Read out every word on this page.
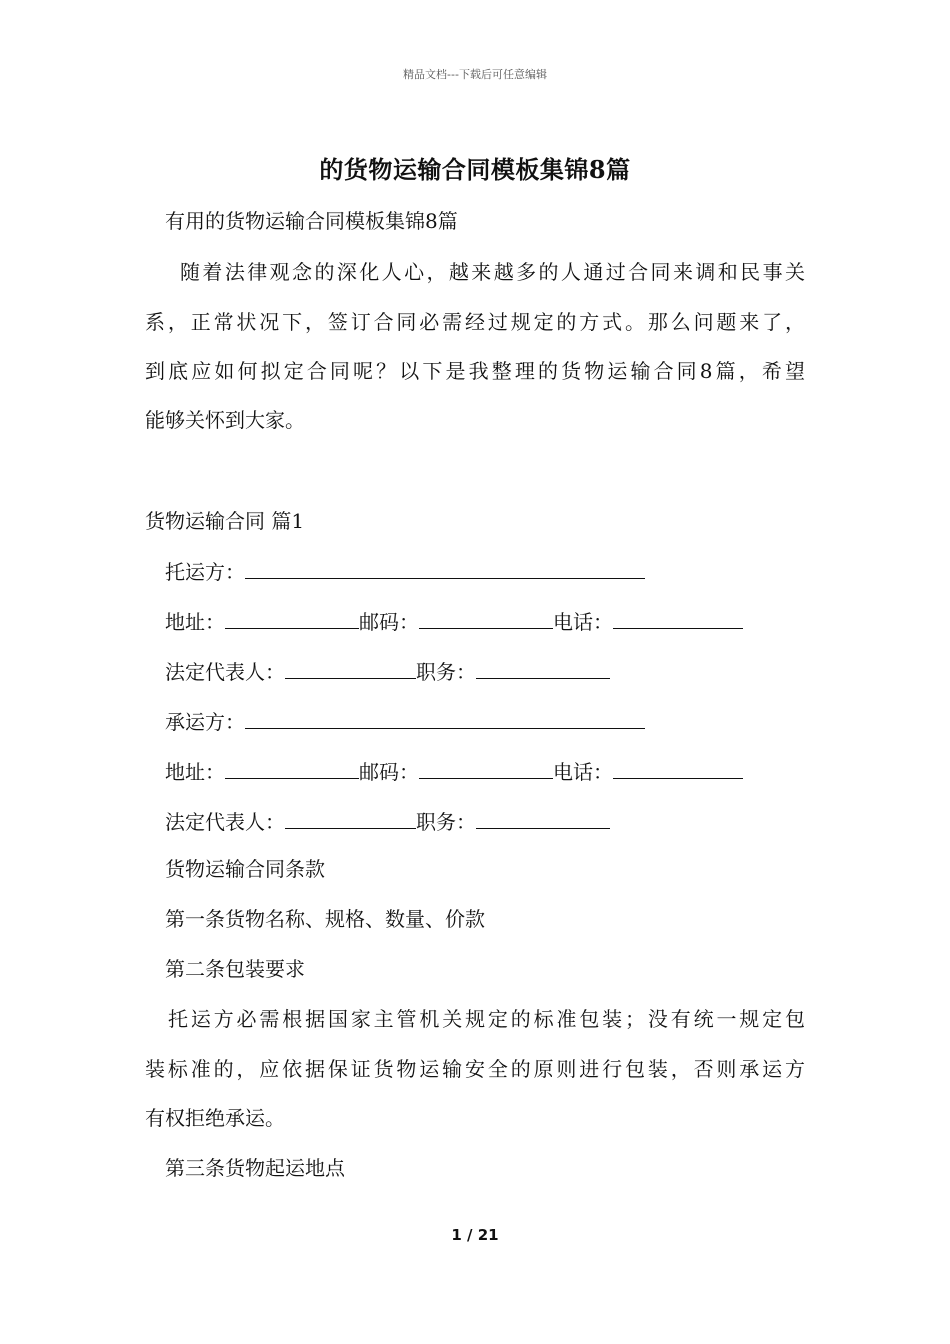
精品文档---下载后可任意编辑
的货物运输合同模板集锦8篇
有用的货物运输合同模板集锦8篇
随着法律观念的深化人心，越来越多的人通过合同来调和民事关
系，正常状况下，签订合同必需经过规定的方式。那么问题来了，
到底应如何拟定合同呢？以下是我整理的货物运输合同8篇，希望
能够关怀到大家。
货物运输合同 篇1
托运方：
地址：	邮码：	电话：
法定代表人：	职务：
承运方：
地址：	邮码：	电话：
法定代表人：	职务：
货物运输合同条款
第一条货物名称、规格、数量、价款
第二条包装要求
托运方必需根据国家主管机关规定的标准包装；没有统一规定包
装标准的，应依据保证货物运输安全的原则进行包装，否则承运方
有权拒绝承运。
第三条货物起运地点
1 / 21
